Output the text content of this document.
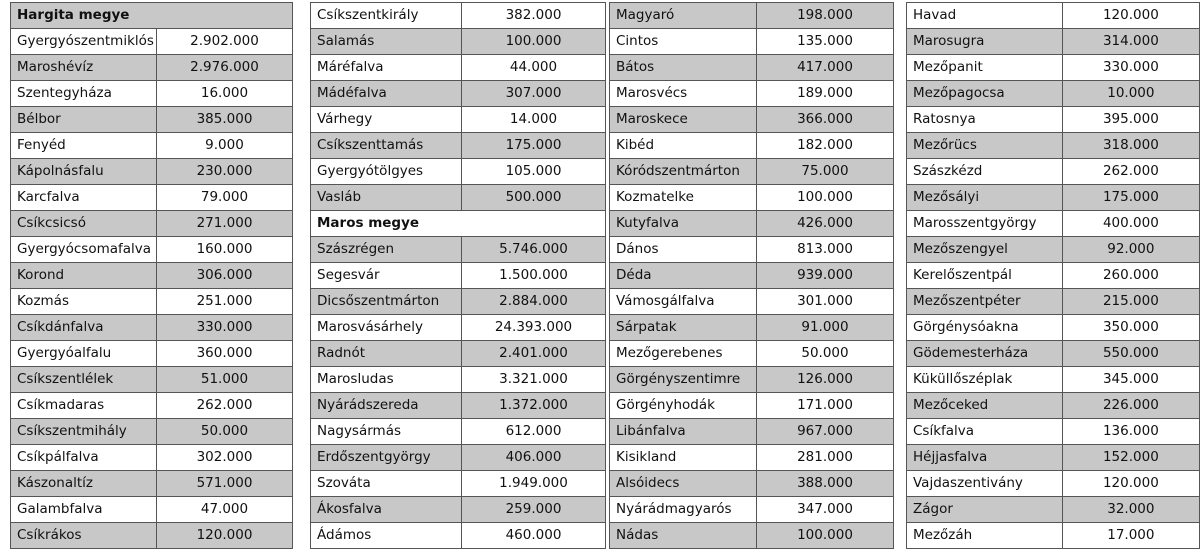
Hargita megye	
Gyergyószentmiklós	2.902.000
Maroshévíz	2.976.000
Szentegyháza	16.000
Bélbor	385.000
Fenyéd	9.000
Kápolnásfalu	230.000
Karcfalva	79.000
Csíkcsicsó	271.000
Gyergyócsomafalva	160.000
Korond	306.000
Kozmás	251.000
Csíkdánfalva	330.000
Gyergyóalfalu	360.000
Csíkszentlélek	51.000
Csíkmadaras	262.000
Csíkszentmihály	50.000
Csíkpálfalva	302.000
Kászonaltíz	571.000
Galambfalva	47.000
Csíkrákos	120.000
Csíkszentkirály	382.000
Salamás	100.000
Máréfalva	44.000
Mádéfalva	307.000
Várhegy	14.000
Csíkszenttamás	175.000
Gyergyótölgyes	105.000
Vasláb	500.000
Maros megye	
Szászrégen	5.746.000
Segesvár	1.500.000
Dicsőszentmárton	2.884.000
Marosvásárhely	24.393.000
Radnót	2.401.000
Marosludas	3.321.000
Nyárádszereda	1.372.000
Nagysármás	612.000
Erdőszentgyörgy	406.000
Szováta	1.949.000
Ákosfalva	259.000
Ádámos	460.000
Magyaró	198.000
Cintos	135.000
Bátos	417.000
Marosvécs	189.000
Maroskece	366.000
Kibéd	182.000
Kóródszentmárton	75.000
Kozmatelke	100.000
Kutyfalva	426.000
Dános	813.000
Déda	939.000
Vámosgálfalva	301.000
Sárpatak	91.000
Mezőgerebenes	50.000
Görgényszentimre	126.000
Görgényhodák	171.000
Libánfalva	967.000
Kisikland	281.000
Alsóidecs	388.000
Nyárádmagyarós	347.000
Nádas	100.000
Havad	120.000
Marosugra	314.000
Mezőpanit	330.000
Mezőpagocsa	10.000
Ratosnya	395.000
Mezőrücs	318.000
Szászkézd	262.000
Mezősályi	175.000
Marosszentgyörgy	400.000
Mezőszengyel	92.000
Kerelőszentpál	260.000
Mezőszentpéter	215.000
Görgénysóakna	350.000
Gödemesterháza	550.000
Küküllőszéplak	345.000
Mezőceked	226.000
Csíkfalva	136.000
Héjjasfalva	152.000
Vajdaszentivány	120.000
Zágor	32.000
Mezőzáh	17.000
